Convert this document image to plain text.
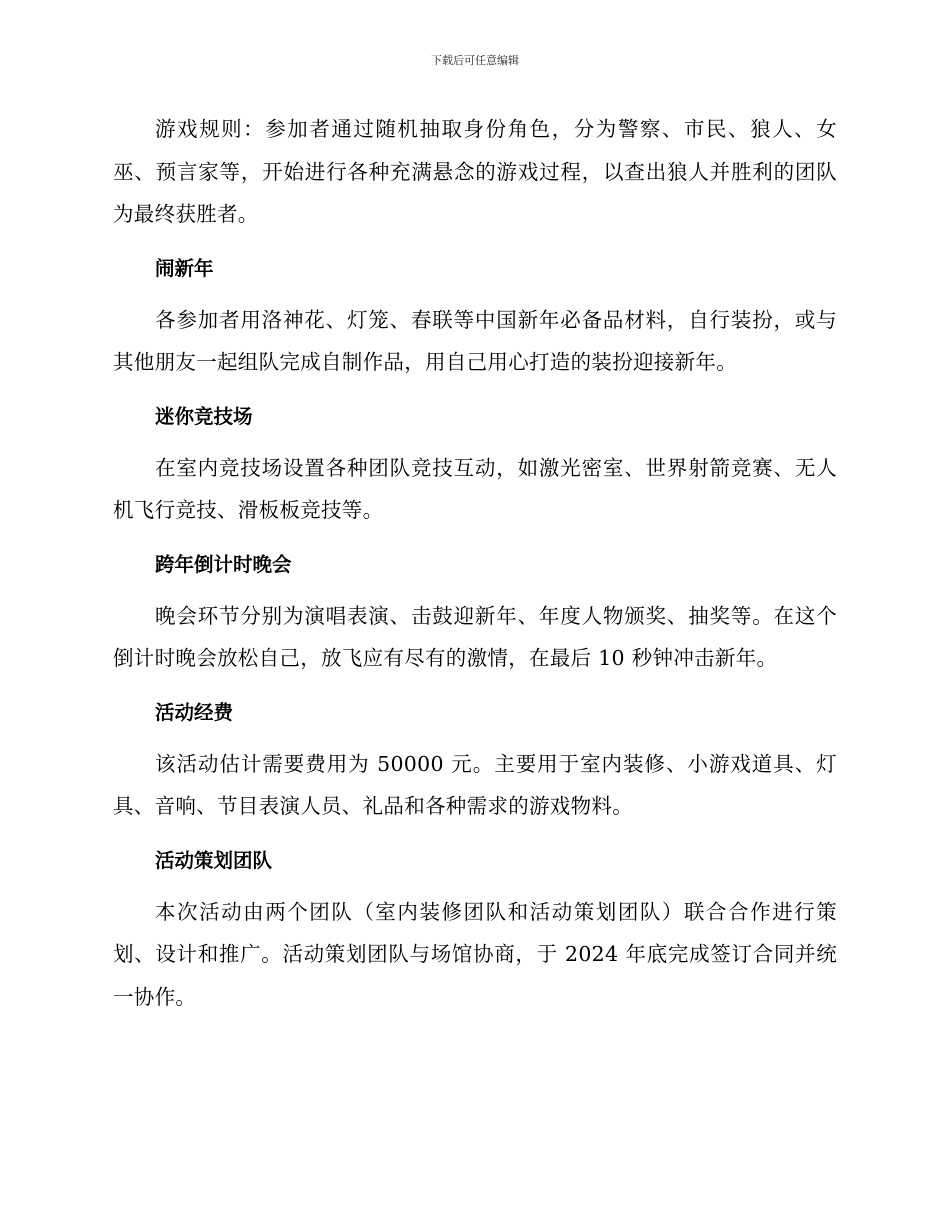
下载后可任意编辑

游戏规则：参加者通过随机抽取身份角色，分为警察、市民、狼人、女巫、预言家等，开始进行各种充满悬念的游戏过程，以查出狼人并胜利的团队为最终获胜者。

闹新年

各参加者用洛神花、灯笼、春联等中国新年必备品材料，自行装扮，或与其他朋友一起组队完成自制作品，用自己用心打造的装扮迎接新年。

迷你竞技场

在室内竞技场设置各种团队竞技互动，如激光密室、世界射箭竞赛、无人机飞行竞技、滑板板竞技等。

跨年倒计时晚会

晚会环节分别为演唱表演、击鼓迎新年、年度人物颁奖、抽奖等。在这个倒计时晚会放松自己，放飞应有尽有的激情，在最后 10 秒钟冲击新年。

活动经费

该活动估计需要费用为 50000 元。主要用于室内装修、小游戏道具、灯具、音响、节目表演人员、礼品和各种需求的游戏物料。

活动策划团队

本次活动由两个团队（室内装修团队和活动策划团队）联合合作进行策划、设计和推广。活动策划团队与场馆协商，于 2024 年底完成签订合同并统一协作。
